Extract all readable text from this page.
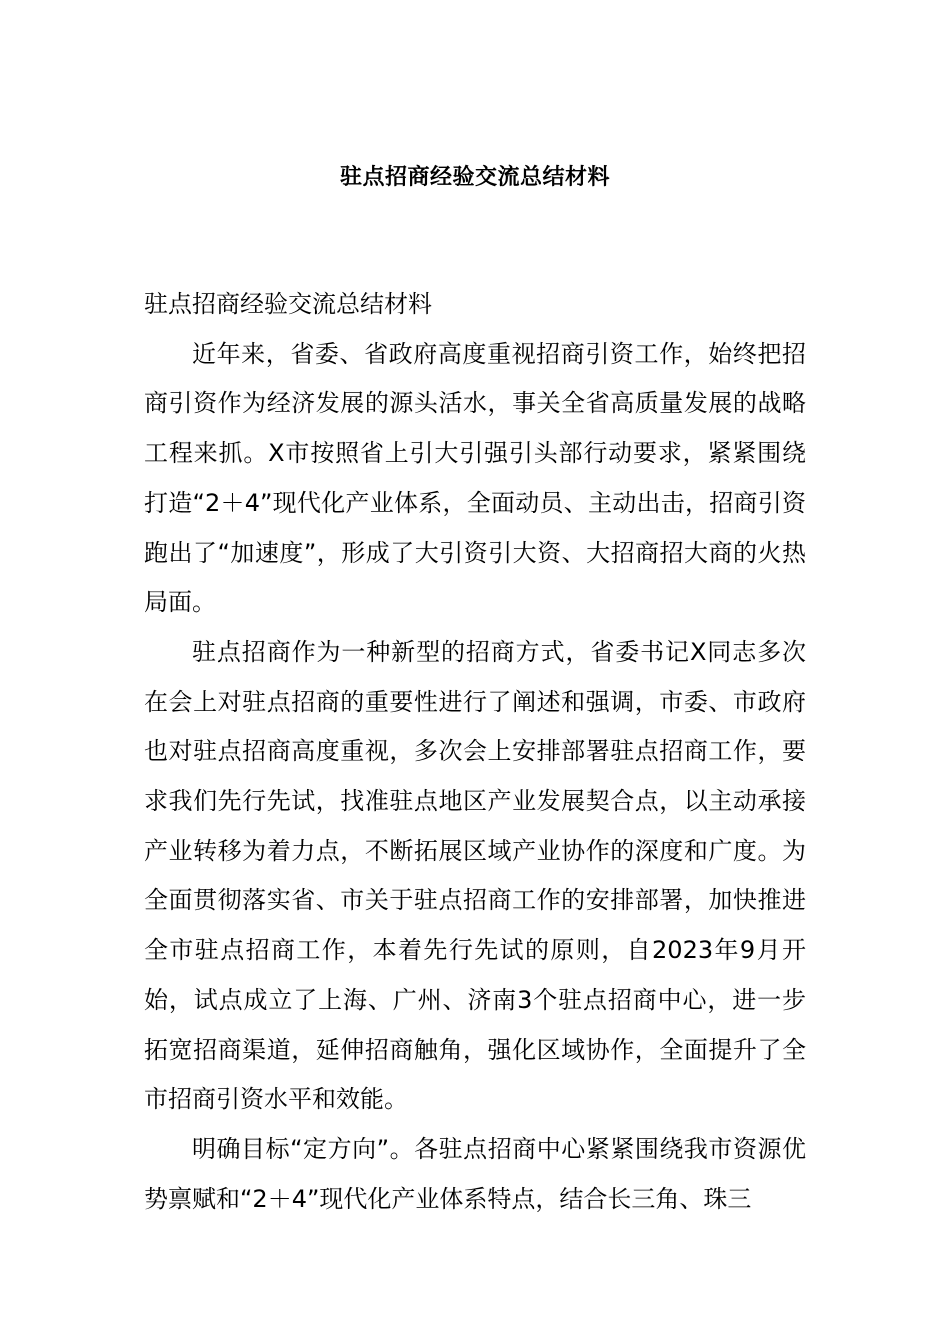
驻点招商经验交流总结材料

驻点招商经验交流总结材料

近年来，省委、省政府高度重视招商引资工作，始终把招商引资作为经济发展的源头活水，事关全省高质量发展的战略工程来抓。X市按照省上引大引强引头部行动要求，紧紧围绕打造“2＋4”现代化产业体系，全面动员、主动出击，招商引资跑出了“加速度”，形成了大引资引大资、大招商招大商的火热局面。

驻点招商作为一种新型的招商方式，省委书记X同志多次在会上对驻点招商的重要性进行了阐述和强调，市委、市政府也对驻点招商高度重视，多次会上安排部署驻点招商工作，要求我们先行先试，找准驻点地区产业发展契合点，以主动承接产业转移为着力点，不断拓展区域产业协作的深度和广度。为全面贯彻落实省、市关于驻点招商工作的安排部署，加快推进全市驻点招商工作，本着先行先试的原则，自2023年9月开始，试点成立了上海、广州、济南3个驻点招商中心，进一步拓宽招商渠道，延伸招商触角，强化区域协作，全面提升了全市招商引资水平和效能。

明确目标“定方向”。各驻点招商中心紧紧围绕我市资源优势禀赋和“2＋4”现代化产业体系特点，结合长三角、珠三
